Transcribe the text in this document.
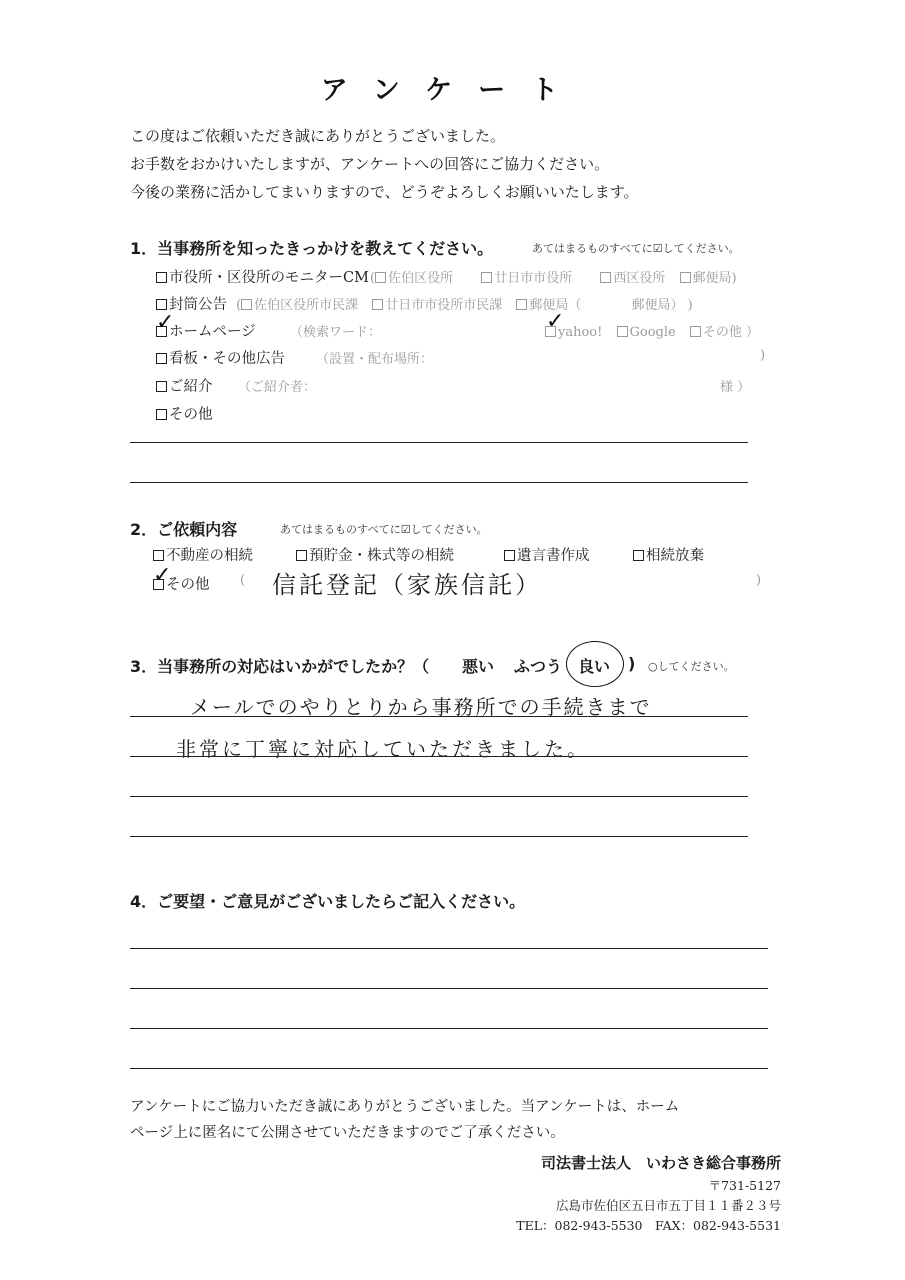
アンケート
この度はご依頼いただき誠にありがとうございました。
お手数をおかけいたしますが、アンケートへの回答にご協力ください。
今後の業務に活かしてまいりますので、どうぞよろしくお願いいたします。
1．当事務所を知ったきっかけを教えてください。	あてはまるものすべてに☑してください。
市役所・区役所のモニターCM ( 佐伯区役所	廿日市市役所	西区役所 郵便局)
封筒公告 ( 佐伯区役所市民課 廿日市市役所市民課 郵便局（	郵便局） )
ホームページ
✓	（検索ワード：	yahoo! Google その他 ）
✓
看板・その他広告 （設置・配布場所：	)
ご紹介 （ご紹介者：	様 ）
その他
2．ご依頼内容	あてはまるものすべてに☑してください。
不動産の相続	預貯金・株式等の相続	遺言書作成	相続放棄
その他
✓	( 信託登記（家族信託）	)
3．当事務所の対応はいかがでしたか？（ 悪い ふつう 良い ) ○してください。
メールでのやりとりから事務所での手続きまで
非常に丁寧に対応していただきました。
4．ご要望・ご意見がございましたらご記入ください。
アンケートにご協力いただき誠にありがとうございました。当アンケートは、ホーム
ページ上に匿名にて公開させていただきますのでご了承ください。
司法書士法人　いわさき総合事務所
〒731-5127
広島市佐伯区五日市五丁目１１番２３号
TEL：082-943-5530　FAX：082-943-5531
